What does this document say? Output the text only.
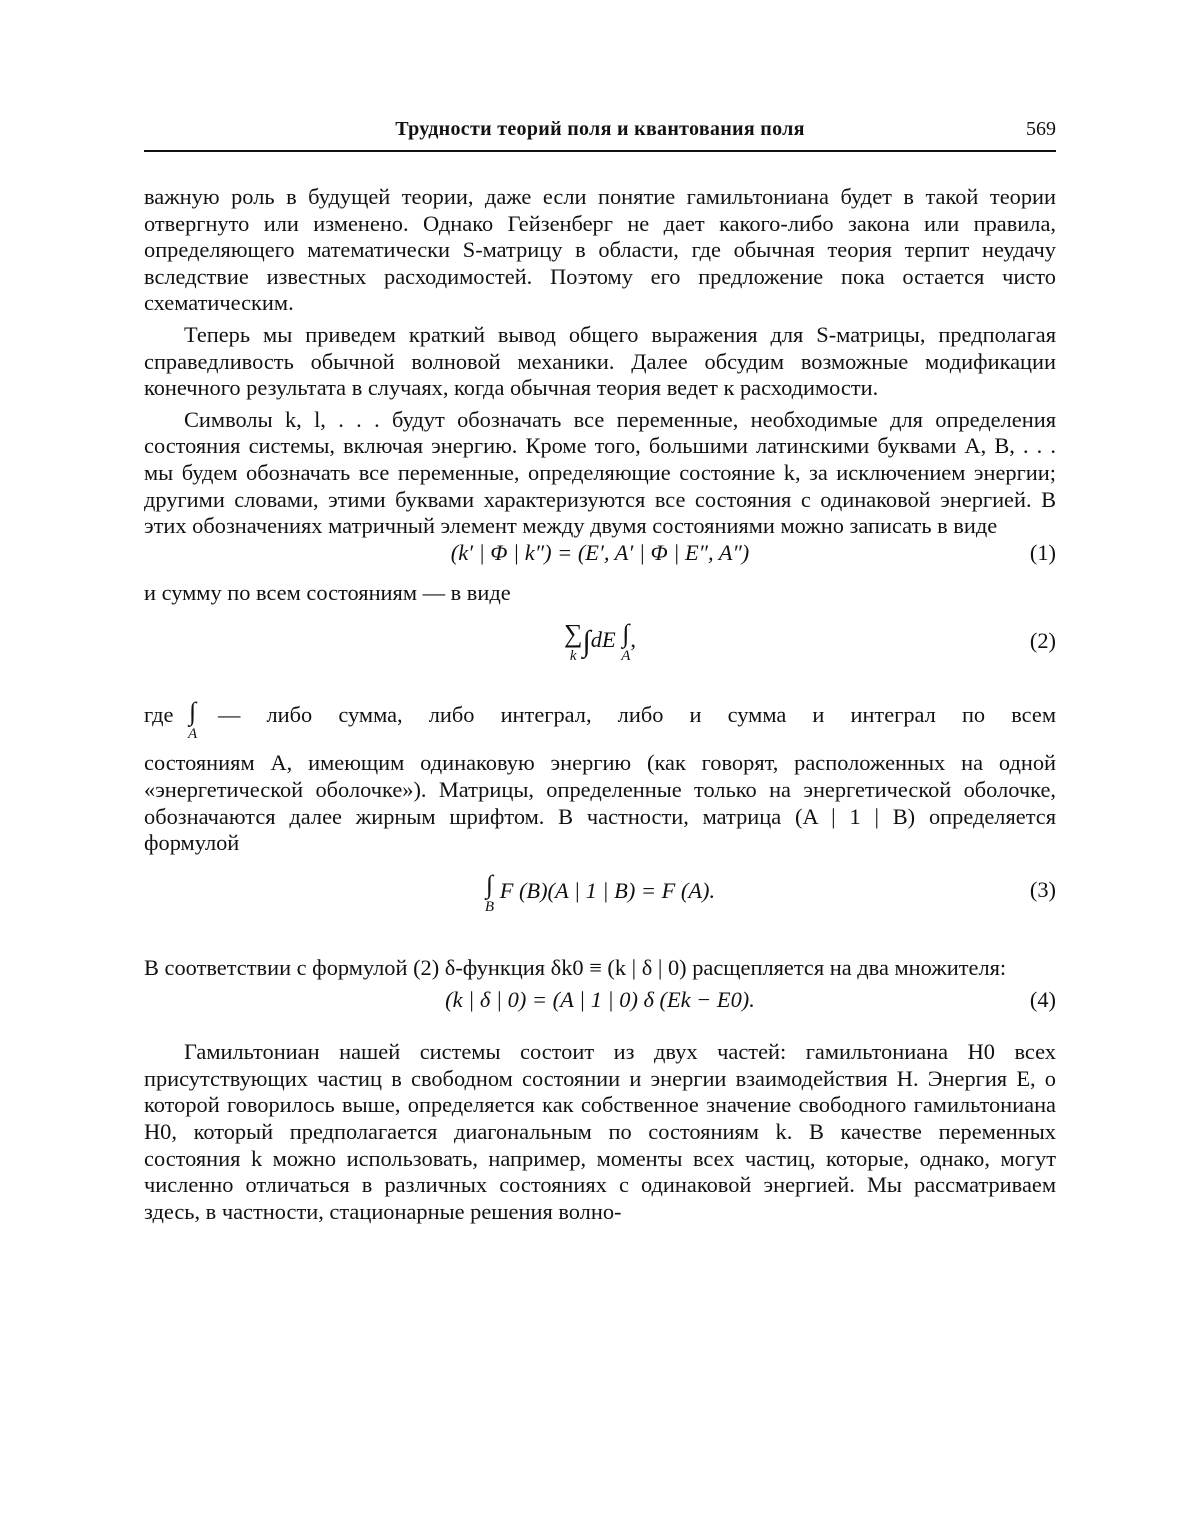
Трудности теорий поля и квантования поля	569

важную роль в будущей теории, даже если понятие гамильтониана будет в такой теории отвергнуто или изменено. Однако Гейзенберг не дает какого-либо закона или правила, определяющего математически S-матрицу в области, где обычная теория терпит неудачу вследствие известных расходимостей. Поэтому его предложение пока остается чисто схематическим.

Теперь мы приведем краткий вывод общего выражения для S-матрицы, предполагая справедливость обычной волновой механики. Далее обсудим возможные модификации конечного результата в случаях, когда обычная теория ведет к расходимости.

Символы k, l, . . . будут обозначать все переменные, необходимые для определения состояния системы, включая энергию. Кроме того, большими латинскими буквами A, B, . . . мы будем обозначать все переменные, определяющие состояние k, за исключением энергии; другими словами, этими буквами характеризуются все состояния с одинаковой энергией. В этих обозначениях матричный элемент между двумя состояниями можно записать в виде

(k′ | Φ | k″) = (E′, A′ | Φ | E″, A″)	(1)

и сумму по всем состояниям — в виде

∑
k ∫dE ∫
A
,	(2)
где ∫
A
— либо сумма, либо интеграл, либо и сумма и интеграл по всем

состояниям A, имеющим одинаковую энергию (как говорят, расположенных на одной «энергетической оболочке»). Матрицы, определенные только на энергетической оболочке, обозначаются далее жирным шрифтом. В частности, матрица (A | 1 | B) определяется формулой

∫
B
F (B)(A | 1 | B) = F (A).	(3)

В соответствии с формулой (2) δ-функция δk0 ≡ (k | δ | 0) расщепляется на два множителя:

(k | δ | 0) = (A | 1 | 0) δ (Ek − E0).	(4)

Гамильтониан нашей системы состоит из двух частей: гамильтониана H0 всех присутствующих частиц в свободном состоянии и энергии взаимодействия H. Энергия E, о которой говорилось выше, определяется как собственное значение свободного гамильтониана H0, который предполагается диагональным по состояниям k. В качестве переменных состояния k можно использовать, например, моменты всех частиц, которые, однако, могут численно отличаться в различных состояниях с одинаковой энергией. Мы рассматриваем здесь, в частности, стационарные решения волно-
